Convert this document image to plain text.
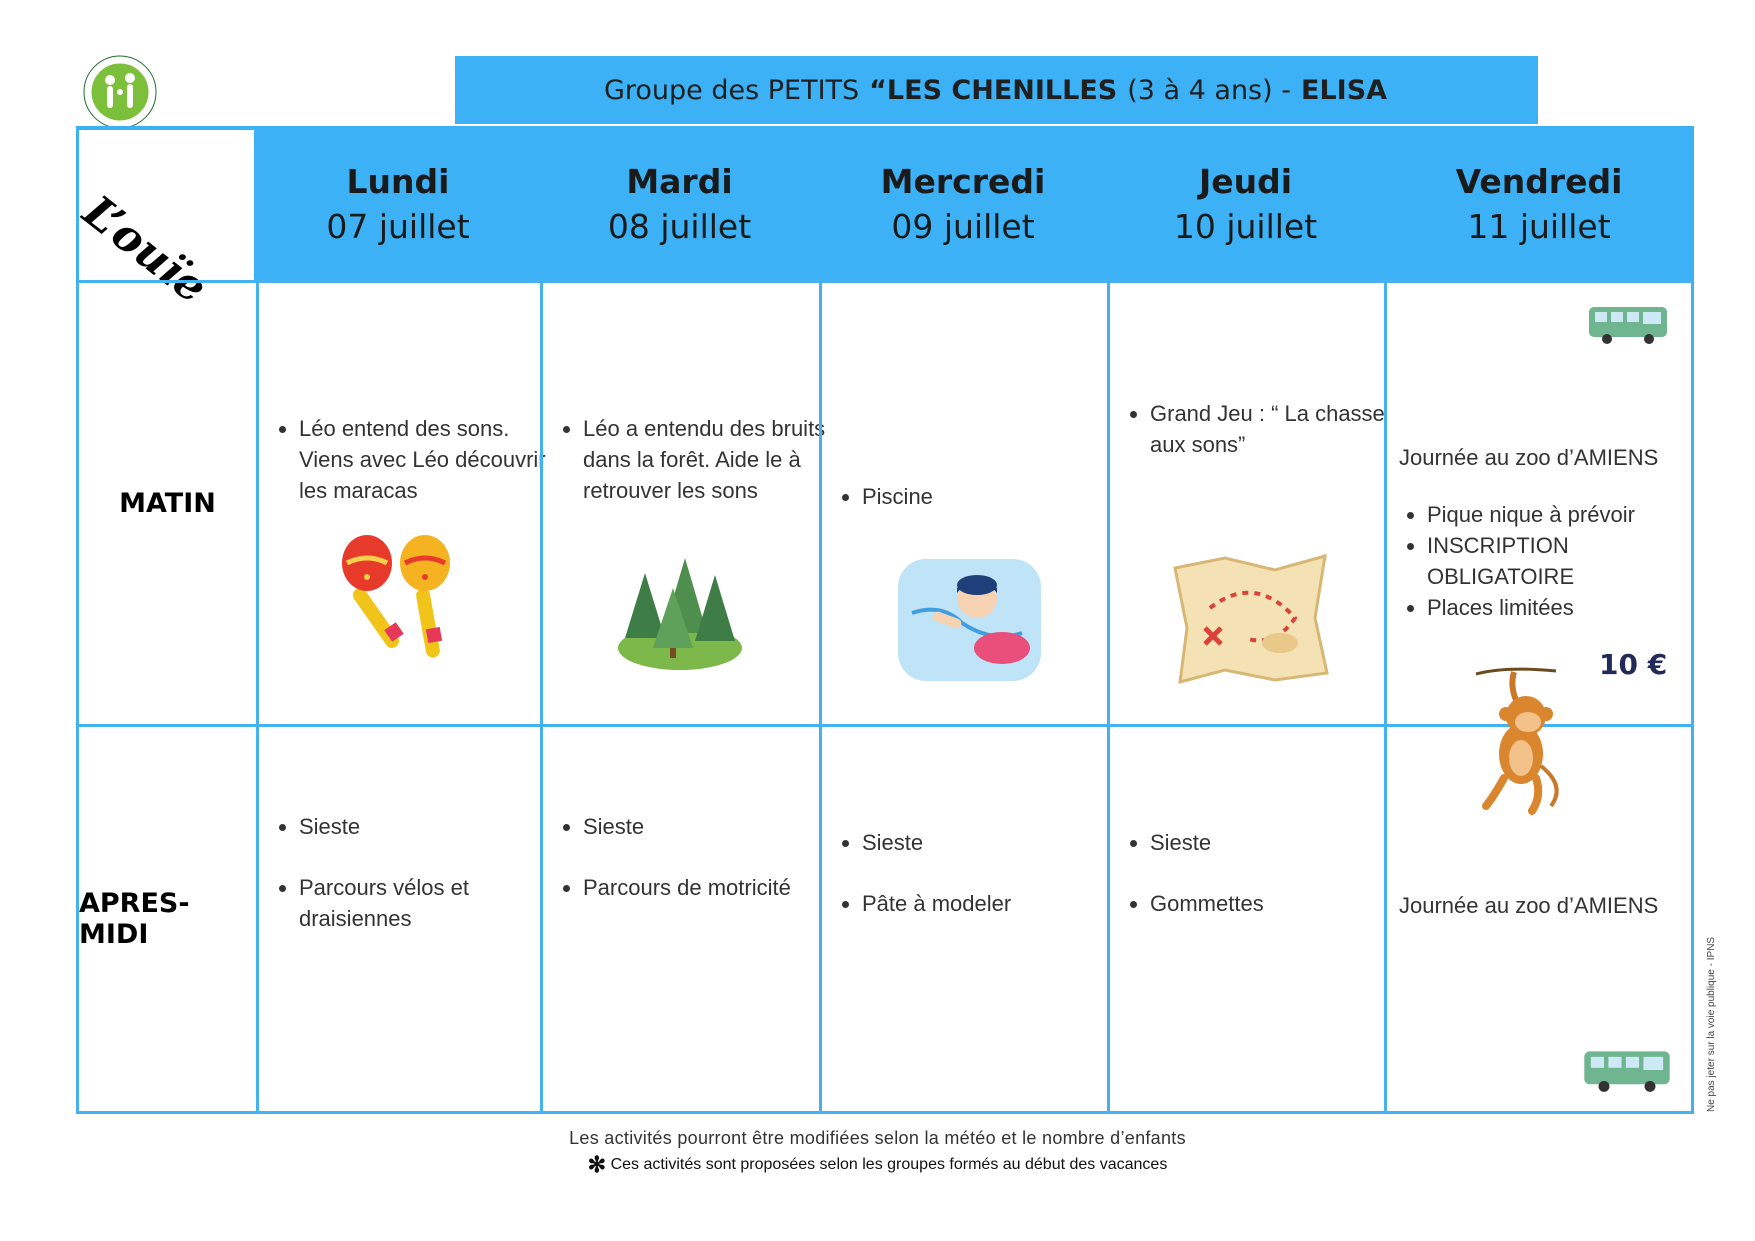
Groupe des PETITS “LES CHENILLES (3 à 4 ans) - ELISA
L’ouïe
Lundi
07 juillet
Mardi
08 juillet
Mercredi
09 juillet
Jeudi
10 juillet
Vendredi
11 juillet
MATIN
• Léo entend des sons. Viens avec Léo découvrir les maracas
• Léo a entendu des bruits dans la forêt. Aide le à retrouver les sons
•	Piscine
• Grand Jeu : “ La chasse aux sons”
Journée au zoo d’AMIENS
• Pique nique à prévoir
• INSCRIPTION OBLIGATOIRE
• Places limitées
10 €
APRES-MIDI
• Sieste
• Parcours vélos et draisiennes
• Sieste
• Parcours de motricité
• Sieste
• Pâte à modeler
• Sieste
• Gommettes	Journée au zoo d’AMIENS
Les activités pourront être modifiées selon la météo et le nombre d’enfants
✻ Ces activités sont proposées selon les groupes formés au début des vacances
Ne pas jeter sur la voie publique - IPNS
